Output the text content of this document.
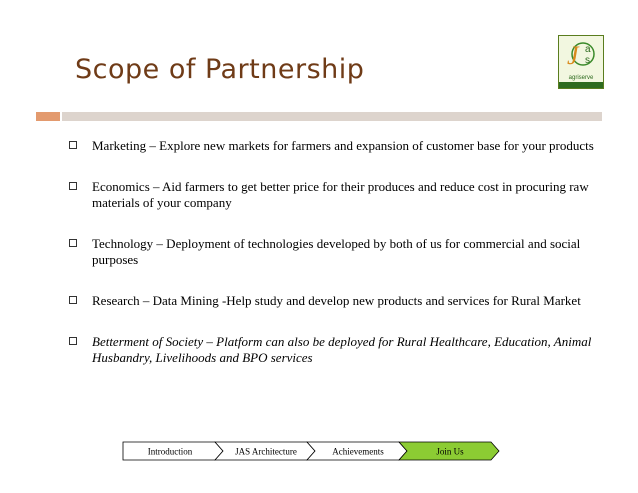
Scope of Partnership	J a
s
agriserve
Marketing – Explore new markets for farmers and expansion of customer base for your products
Economics – Aid farmers to get better price for their produces and reduce cost in procuring raw materials of your company
Technology – Deployment of technologies developed by both of us for commercial and social purposes
Research – Data Mining -Help study and develop new products and services for Rural Market
Betterment of Society – Platform can also be deployed for Rural Healthcare, Education, Animal Husbandry, Livelihoods and BPO services
Introduction	JAS Architecture	Achievements	Join Us
